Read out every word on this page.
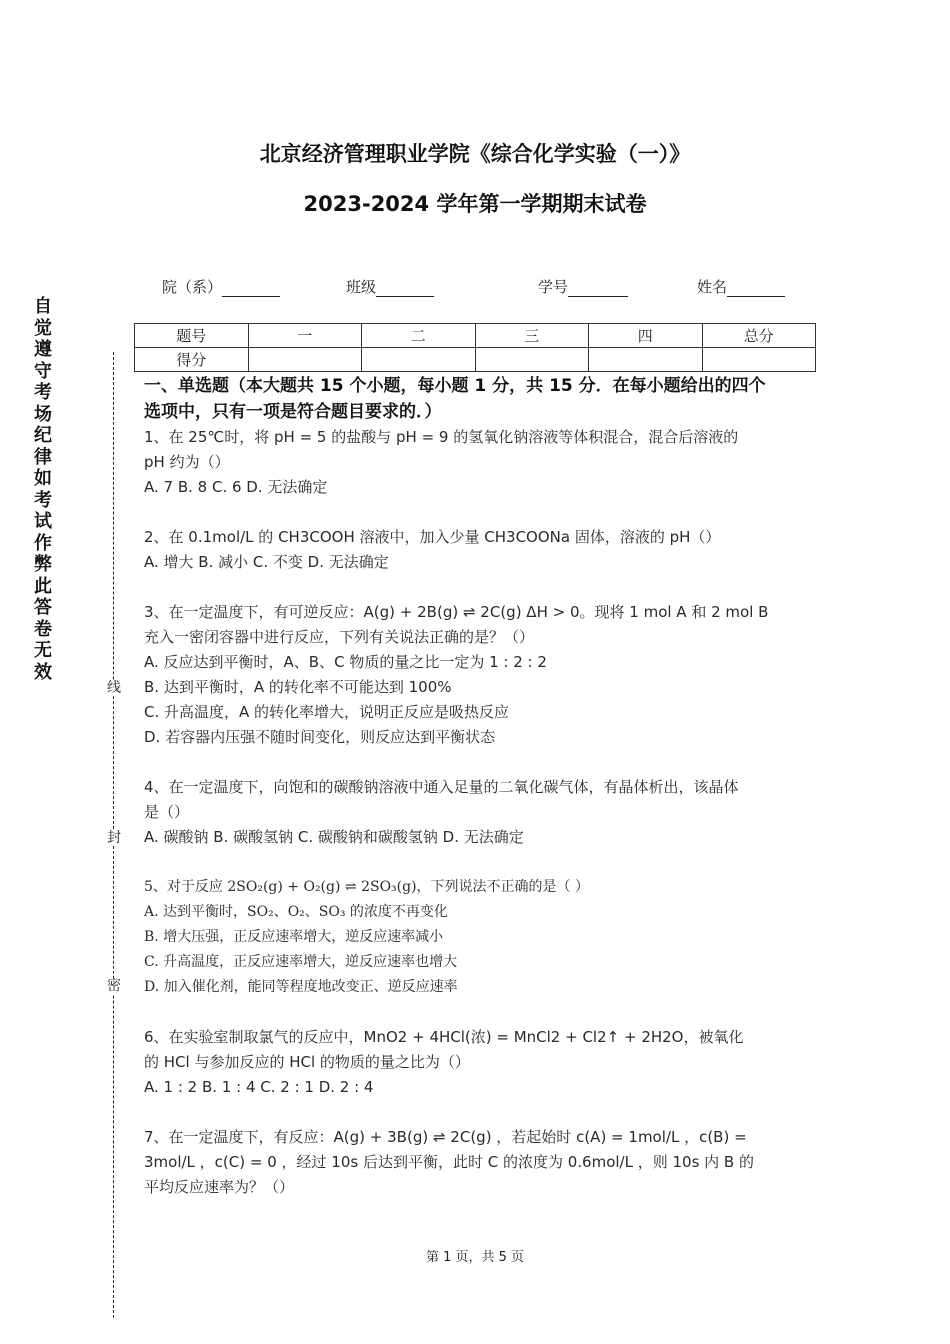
北京经济管理职业学院《综合化学实验（一）》
2023-2024 学年第一学期期末试卷
院（系）	班级	学号	姓名
题号	一	二	三	四	总分
得分					
自觉遵守考场纪律如考试作弊此答卷无效
线
封
密

一、单选题（本大题共 15 个小题，每小题 1 分，共 15 分．在每小题给出的四个

选项中，只有一项是符合题目要求的．）

1、在 25℃时，将 pH = 5 的盐酸与 pH = 9 的氢氧化钠溶液等体积混合，混合后溶液的

pH 约为（）

A. 7 B. 8 C. 6 D. 无法确定

2、在 0.1mol/L 的 CH3COOH 溶液中，加入少量 CH3COONa 固体，溶液的 pH（）

A. 增大 B. 减小 C. 不变 D. 无法确定

3、在一定温度下，有可逆反应：A(g) + 2B(g) ⇌ 2C(g) ΔH > 0。现将 1 mol A 和 2 mol B

充入一密闭容器中进行反应，下列有关说法正确的是？（）

A. 反应达到平衡时，A、B、C 物质的量之比一定为 1 : 2 : 2

B. 达到平衡时，A 的转化率不可能达到 100%

C. 升高温度，A 的转化率增大，说明正反应是吸热反应

D. 若容器内压强不随时间变化，则反应达到平衡状态

4、在一定温度下，向饱和的碳酸钠溶液中通入足量的二氧化碳气体，有晶体析出，该晶体

是（）

A. 碳酸钠 B. 碳酸氢钠 C. 碳酸钠和碳酸氢钠 D. 无法确定

5、对于反应 2SO₂(g) + O₂(g) ⇌ 2SO₃(g)，下列说法不正确的是（ ）

A. 达到平衡时，SO₂、O₂、SO₃ 的浓度不再变化

B. 增大压强，正反应速率增大，逆反应速率减小

C. 升高温度，正反应速率增大，逆反应速率也增大

D. 加入催化剂，能同等程度地改变正、逆反应速率

6、在实验室制取氯气的反应中，MnO2 + 4HCl(浓) = MnCl2 + Cl2↑ + 2H2O，被氧化

的 HCl 与参加反应的 HCl 的物质的量之比为（）

A. 1 : 2 B. 1 : 4 C. 2 : 1 D. 2 : 4

7、在一定温度下，有反应：A(g) + 3B(g) ⇌ 2C(g) ，若起始时 c(A) = 1mol/L ，c(B) =

3mol/L ，c(C) = 0 ，经过 10s 后达到平衡，此时 C 的浓度为 0.6mol/L ，则 10s 内 B 的

平均反应速率为？（）

第 1 页，共 5 页
